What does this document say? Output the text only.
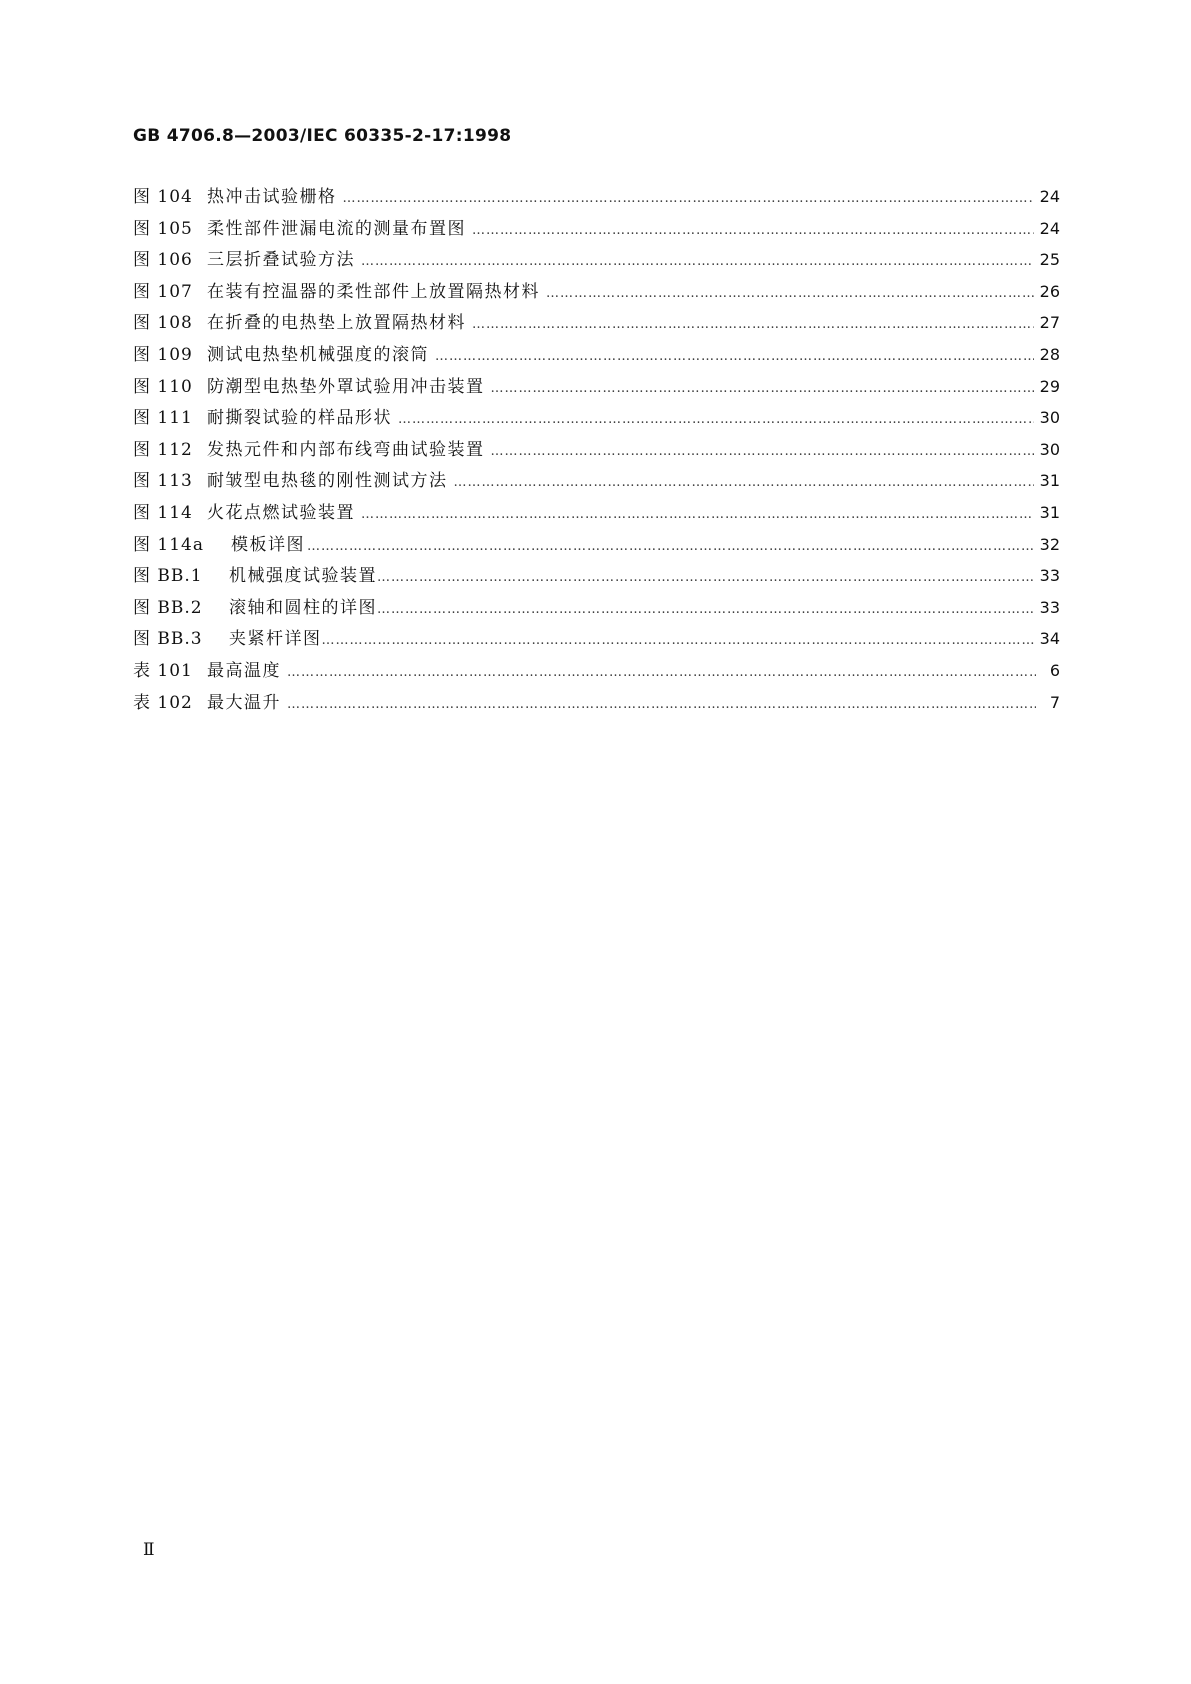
GB 4706.8—2003/IEC 60335-2-17:1998
图 104 热冲击试验栅格 …………………………………………………………………………………………………………………………………………………………………………………………………………………………	24
图 105 柔性部件泄漏电流的测量布置图 …………………………………………………………………………………………………………………………………………………………………………………………………………………………	24
图 106 三层折叠试验方法 …………………………………………………………………………………………………………………………………………………………………………………………………………………………	25
图 107 在装有控温器的柔性部件上放置隔热材料 …………………………………………………………………………………………………………………………………………………………………………………………………………………………	26
图 108 在折叠的电热垫上放置隔热材料 …………………………………………………………………………………………………………………………………………………………………………………………………………………………	27
图 109 测试电热垫机械强度的滚筒 …………………………………………………………………………………………………………………………………………………………………………………………………………………………	28
图 110 防潮型电热垫外罩试验用冲击装置 …………………………………………………………………………………………………………………………………………………………………………………………………………………………	29
图 111 耐撕裂试验的样品形状 …………………………………………………………………………………………………………………………………………………………………………………………………………………………	30
图 112 发热元件和内部布线弯曲试验装置 …………………………………………………………………………………………………………………………………………………………………………………………………………………………	30
图 113 耐皱型电热毯的刚性测试方法 …………………………………………………………………………………………………………………………………………………………………………………………………………………………	31
图 114 火花点燃试验装置 …………………………………………………………………………………………………………………………………………………………………………………………………………………………	31
图 114a	模板详图 …………………………………………………………………………………………………………………………………………………………………………………………………………………………	32
图 BB.1	机械强度试验装置 …………………………………………………………………………………………………………………………………………………………………………………………………………………………	33
图 BB.2	滚轴和圆柱的详图 …………………………………………………………………………………………………………………………………………………………………………………………………………………………	33
图 BB.3	夹紧杆详图 …………………………………………………………………………………………………………………………………………………………………………………………………………………………	34
表 101 最高温度 …………………………………………………………………………………………………………………………………………………………………………………………………………………………	6
表 102 最大温升 …………………………………………………………………………………………………………………………………………………………………………………………………………………………	7
Ⅱ
